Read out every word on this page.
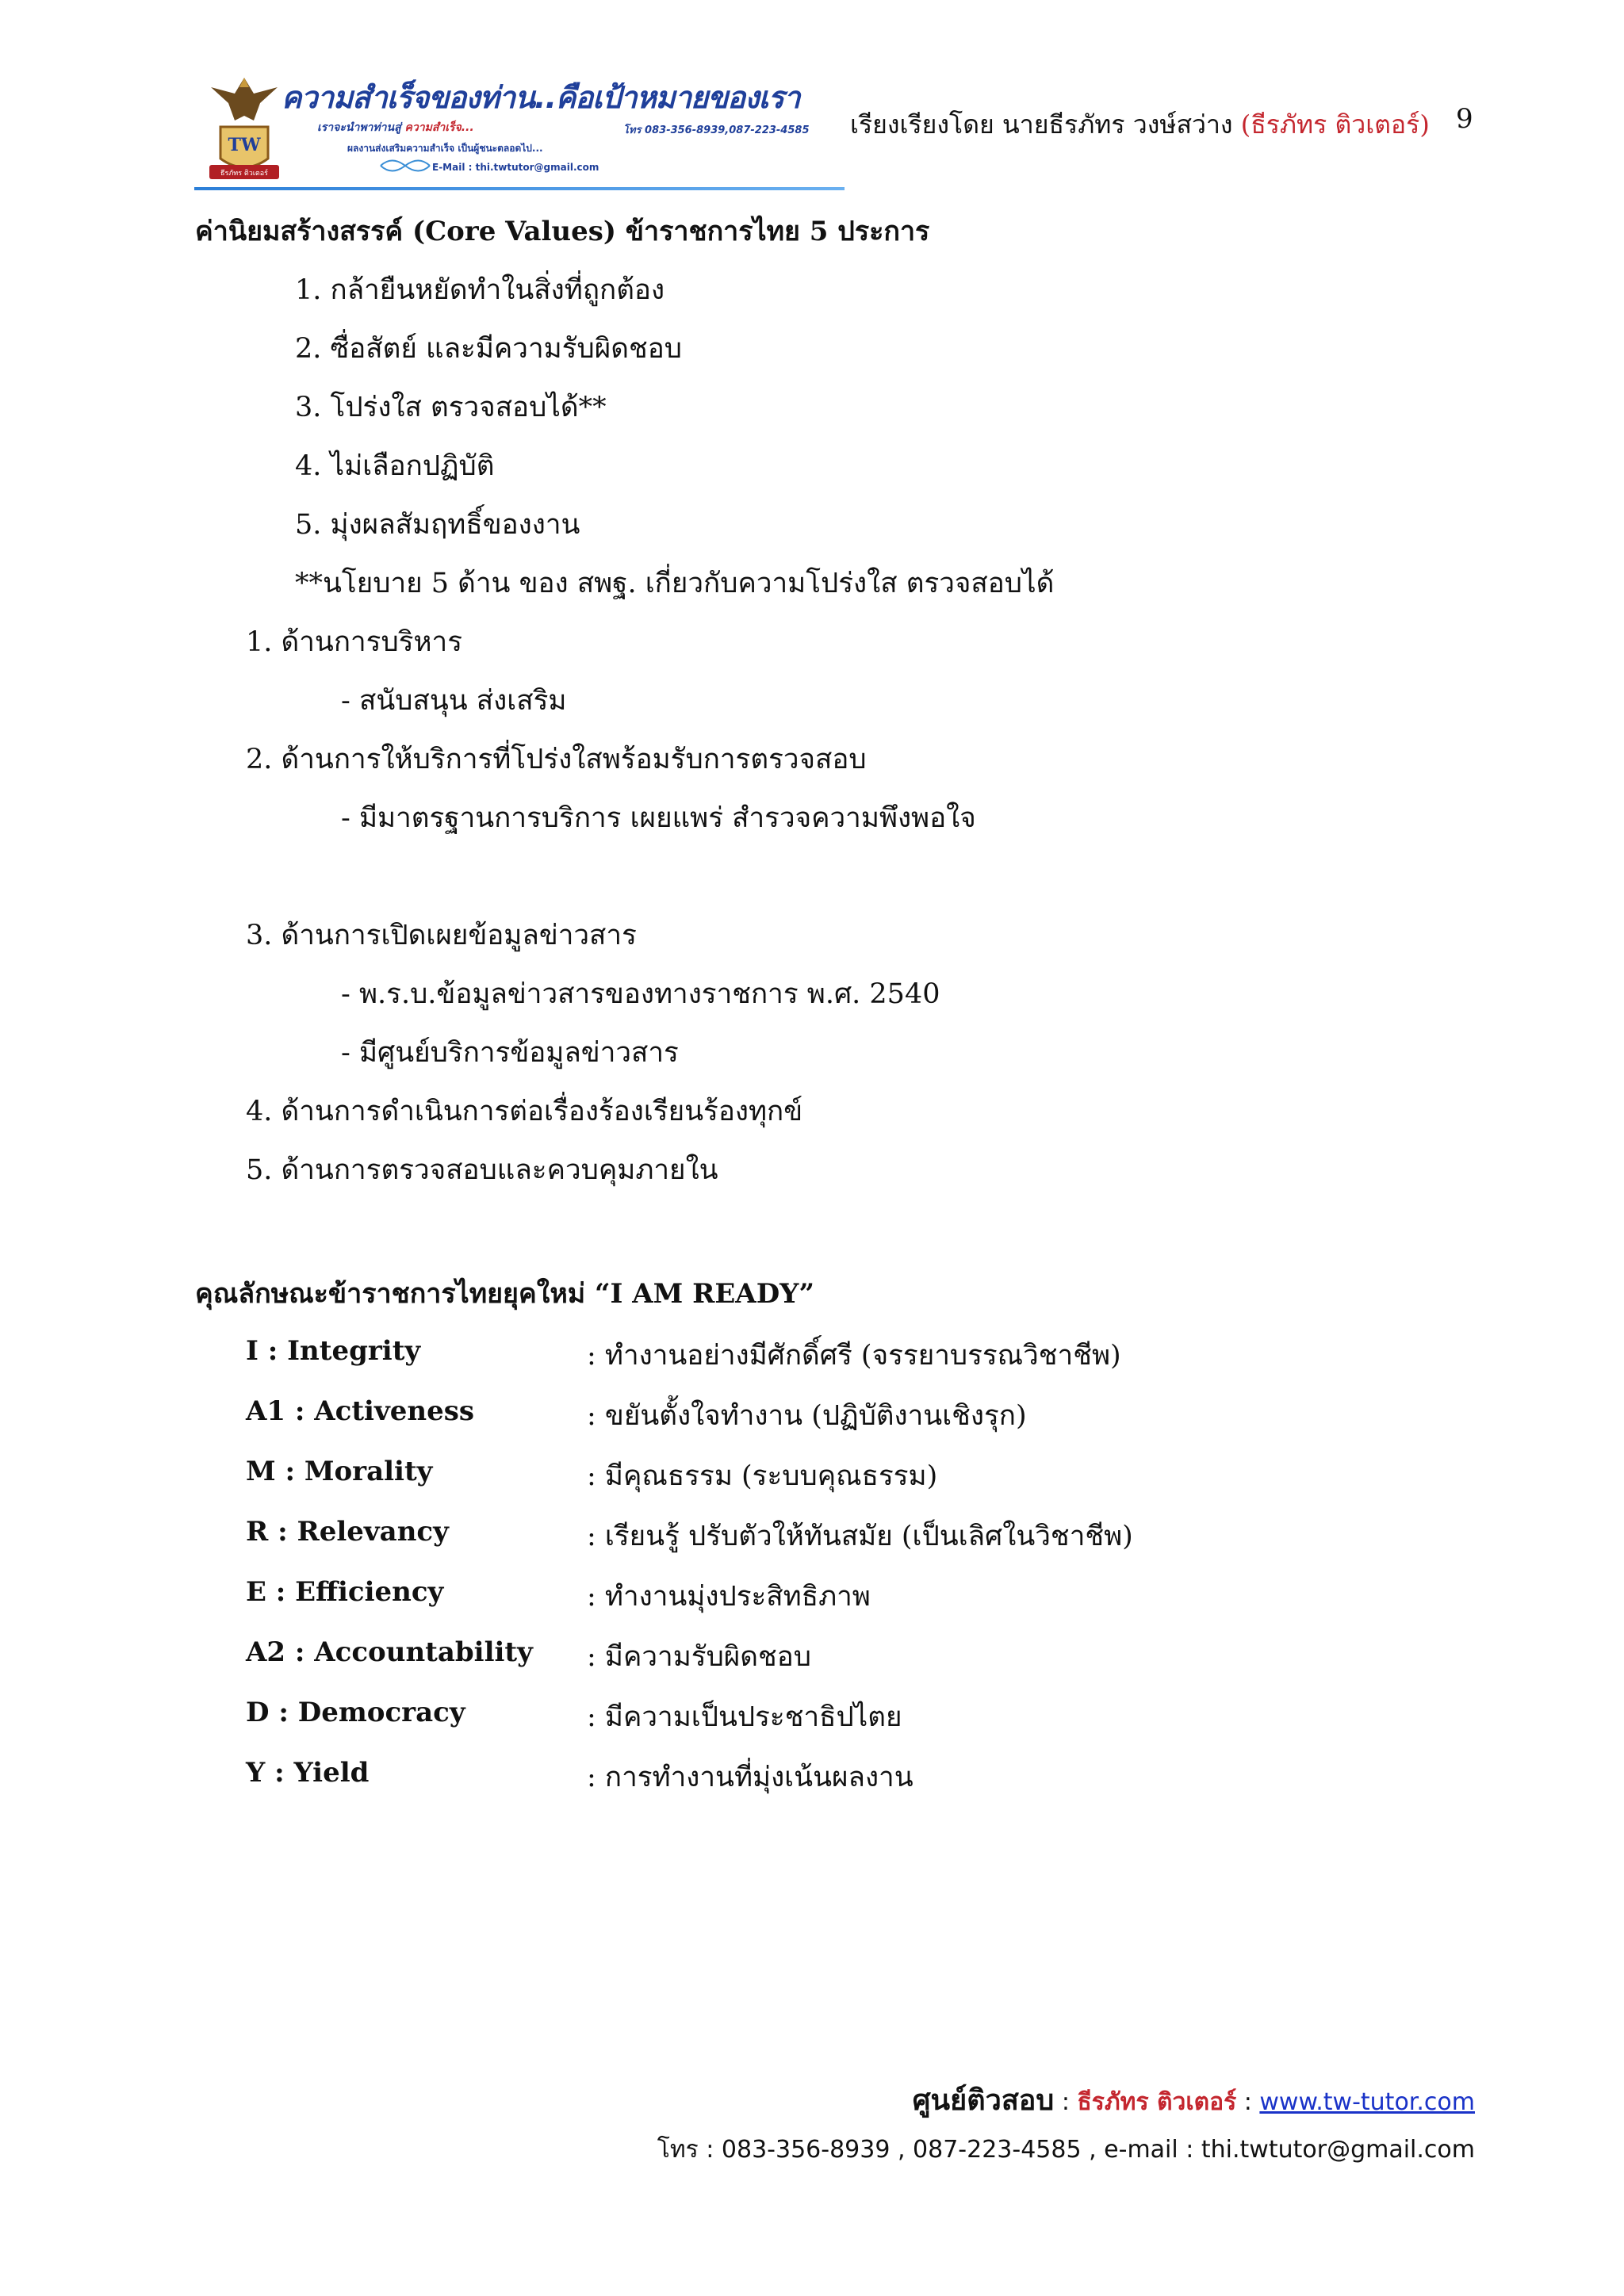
TW
ธีรภัทร ติวเตอร์
ความสำเร็จของท่าน..คือเป้าหมายของเรา
เราจะนำพาท่านสู่ ความสำเร็จ...	โทร 083-356-8939,087-223-4585
ผลงานส่งเสริมความสำเร็จ เป็นผู้ชนะตลอดไป...
E-Mail : thi.twtutor@gmail.com
เรียงเรียงโดย นายธีรภัทร วงษ์สว่าง (ธีรภัทร ติวเตอร์) 9
ค่านิยมสร้างสรรค์ (Core Values) ข้าราชการไทย 5 ประการ
1. กล้ายืนหยัดทำในสิ่งที่ถูกต้อง
2. ซื่อสัตย์ และมีความรับผิดชอบ
3. โปร่งใส ตรวจสอบได้**
4. ไม่เลือกปฏิบัติ
5. มุ่งผลสัมฤทธิ์ของงาน
**นโยบาย 5 ด้าน ของ สพฐ. เกี่ยวกับความโปร่งใส ตรวจสอบได้
1. ด้านการบริหาร
- สนับสนุน ส่งเสริม
2. ด้านการให้บริการที่โปร่งใสพร้อมรับการตรวจสอบ
- มีมาตรฐานการบริการ เผยแพร่ สำรวจความพึงพอใจ
3. ด้านการเปิดเผยข้อมูลข่าวสาร
- พ.ร.บ.ข้อมูลข่าวสารของทางราชการ พ.ศ. 2540
- มีศูนย์บริการข้อมูลข่าวสาร
4. ด้านการดำเนินการต่อเรื่องร้องเรียนร้องทุกข์
5. ด้านการตรวจสอบและควบคุมภายใน
คุณลักษณะข้าราชการไทยยุคใหม่ “I AM READY”
I : Integrity	: ทำงานอย่างมีศักดิ์ศรี (จรรยาบรรณวิชาชีพ)
A1 : Activeness	: ขยันตั้งใจทำงาน (ปฏิบัติงานเชิงรุก)
M : Morality	: มีคุณธรรม (ระบบคุณธรรม)
R : Relevancy	: เรียนรู้ ปรับตัวให้ทันสมัย (เป็นเลิศในวิชาชีพ)
E : Efficiency	: ทำงานมุ่งประสิทธิภาพ
A2 : Accountability : มีความรับผิดชอบ
D : Democracy	: มีความเป็นประชาธิปไตย
Y : Yield	: การทำงานที่มุ่งเน้นผลงาน
ศูนย์ติวสอบ : ธีรภัทร ติวเตอร์ : www.tw-tutor.com
โทร : 083-356-8939 , 087-223-4585 , e-mail : thi.twtutor@gmail.com
